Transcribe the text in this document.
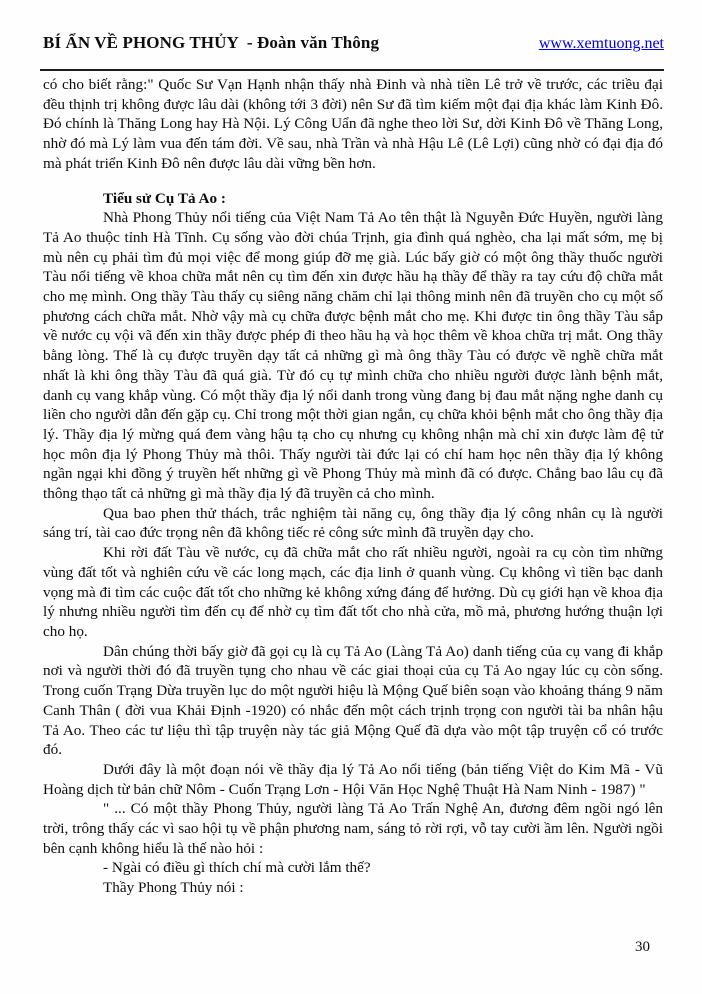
BÍ ẨN VỀ PHONG THỦY  - Đoàn văn Thông	www.xemtuong.net

có cho biết rằng:" Quốc Sư Vạn Hạnh nhận thấy nhà Đinh và nhà tiền Lê trở về trước, các triều đại đều thịnh trị không được lâu dài (không tới 3 đời) nên Sư đã tìm kiếm một đại địa khác làm Kinh Đô. Đó chính là Thăng Long hay Hà Nội. Lý Công Uẩn đã nghe theo lời Sư, dời Kinh Đô về Thăng Long, nhờ đó mà Lý làm vua đến tám đời. Về sau, nhà Trần và nhà Hậu Lê (Lê Lợi) cũng nhờ có đại địa đó mà phát triển Kinh Đô nên được lâu dài vững bền hơn.

Tiểu sử Cụ Tả Ao :

Nhà Phong Thủy nổi tiếng của Việt Nam Tả Ao tên thật là Nguyễn Đức Huyền, người làng Tả Ao thuộc tỉnh Hà Tĩnh. Cụ sống vào đời chúa Trịnh, gia đình quá nghèo, cha lại mất sớm, mẹ bị mù nên cụ phải tìm đủ mọi việc để mong giúp đỡ mẹ già. Lúc bấy giờ có một ông thầy thuốc người Tàu nổi tiếng về khoa chữa mắt nên cụ tìm đến xin được hầu hạ thầy để thầy ra tay cứu độ chữa mắt cho mẹ mình. Ong thầy Tàu thấy cụ siêng năng chăm chỉ lại thông minh nên đã truyền cho cụ một số phương cách chữa mắt. Nhờ vậy mà cụ chữa được bệnh mắt cho mẹ. Khi được tin ông thầy Tàu sắp về nước cụ vội vã đến xin thầy được phép đi theo hầu hạ và học thêm về khoa chữa trị mắt. Ong thầy bằng lòng. Thế là cụ được truyền dạy tất cả những gì mà ông thầy Tàu có được về nghề chữa mắt nhất là khi ông thầy Tàu đã quá già. Từ đó cụ tự mình chữa cho nhiều người được lành bệnh mắt, danh cụ vang khắp vùng. Có một thầy địa lý nổi danh trong vùng đang bị đau mắt nặng nghe danh cụ liền cho người dẫn đến gặp cụ. Chỉ trong một thời gian ngắn, cụ chữa khỏi bệnh mắt cho ông thầy địa lý. Thầy địa lý mừng quá đem vàng hậu tạ cho cụ nhưng cụ không nhận mà chỉ xin được làm đệ tử học môn địa lý Phong Thủy mà thôi. Thấy người tài đức lại có chí ham học nên thầy địa lý không ngần ngại khi đồng ý truyền hết những gì về Phong Thủy mà mình đã có được. Chẳng bao lâu cụ đã thông thạo tất cả những gì mà thầy địa lý đã truyền cả cho mình.

Qua bao phen thử thách, trắc nghiệm tài năng cụ, ông thầy địa lý công nhân cụ là người sáng trí, tài cao đức trọng nên đã không tiếc rẻ công sức mình đã truyền dạy cho.

Khi rời đất Tàu về nước, cụ đã chữa mắt cho rất nhiều người, ngoài ra cụ còn tìm những vùng đất tốt và nghiên cứu về các long mạch, các địa linh ở quanh vùng. Cụ không vì tiền bạc danh vọng mà đi tìm các cuộc đất tốt cho những kẻ không xứng đáng để hưởng. Dù cụ giới hạn về khoa địa lý nhưng nhiều người tìm đến cụ để nhờ cụ tìm đất tốt cho nhà cửa, mồ mả, phương hướng thuận lợi cho họ.

Dân chúng thời bấy giờ đã gọi cụ là cụ Tả Ao (Làng Tả Ao) danh tiếng của cụ vang đi khắp nơi và người thời đó đã truyền tụng cho nhau về các giai thoại của cụ Tả Ao ngay lúc cụ còn sống. Trong cuốn Trạng Dừa truyền lục do một người hiệu là Mộng Quế biên soạn vào khoảng tháng 9 năm Canh Thân ( đời vua Khải Định -1920) có nhắc đến một cách trịnh trọng con người tài ba nhân hậu Tả Ao. Theo các tư liệu thì tập truyện này tác giả Mộng Quế đã dựa vào một tập truyện cổ có trước đó.

Dưới đây là một đoạn nói về thầy địa lý Tả Ao nổi tiếng (bản tiếng Việt do Kim Mã - Vũ Hoàng dịch từ bản chữ Nôm - Cuốn Trạng Lơn - Hội Văn Học Nghệ Thuật Hà Nam Ninh - 1987) "

" ... Có một thầy Phong Thủy, người làng Tả Ao Trấn Nghệ An, đương đêm ngồi ngó lên trời, trông thấy các vì sao hội tụ về phận phương nam, sáng tỏ rời rợi, vỗ tay cười ầm lên. Người ngồi bên cạnh không hiểu là thế nào hỏi :

- Ngài có điều gì thích chí mà cười lắm thế?

Thầy Phong Thủy nói :

30
